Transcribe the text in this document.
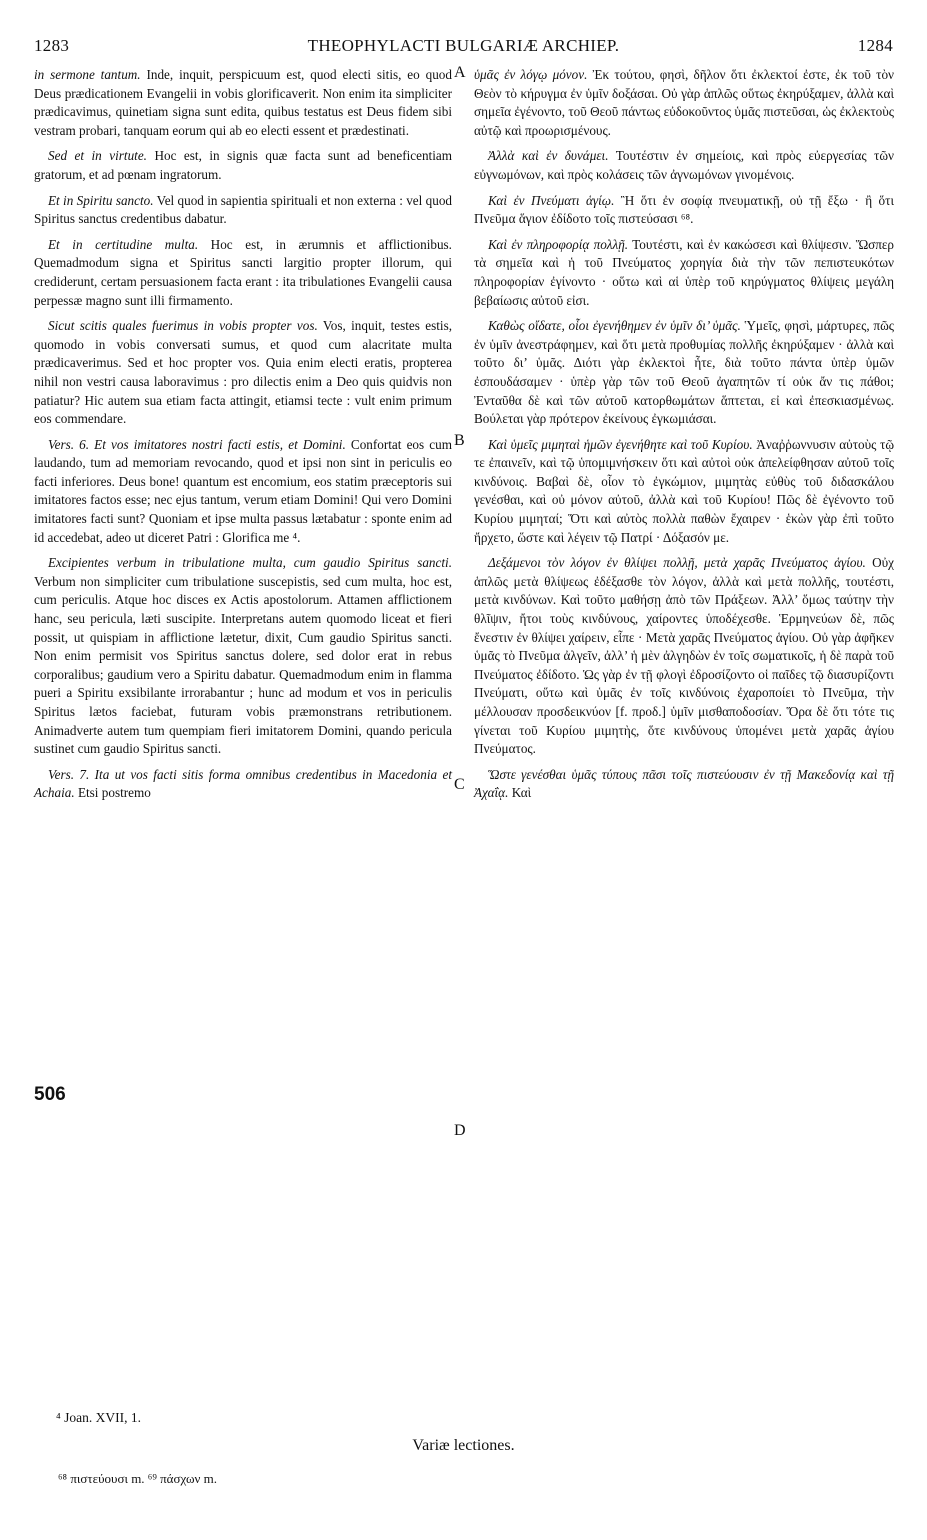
1283	THEOPHYLACTI BULGARIÆ ARCHIEP.	1284
A
B
C
D

in sermone tantum. Inde, inquit, perspicuum est, quod electi sitis, eo quod Deus prædicationem Evangelii in vobis glorificaverit. Non enim ita simpliciter prædicavimus, quinetiam signa sunt edita, quibus testatus est Deus fidem sibi vestram probari, tanquam eorum qui ab eo electi essent et prædestinati.

Sed et in virtute. Hoc est, in signis quæ facta sunt ad beneficentiam gratorum, et ad pœnam ingratorum.

Et in Spiritu sancto. Vel quod in sapientia spirituali et non externa : vel quod Spiritus sanctus credentibus dabatur.

Et in certitudine multa. Hoc est, in ærumnis et afflictionibus. Quemadmodum signa et Spiritus sancti largitio propter illorum, qui crediderunt, certam persuasionem facta erant : ita tribulationes Evangelii causa perpessæ magno sunt illi firmamento.

Sicut scitis quales fuerimus in vobis propter vos. Vos, inquit, testes estis, quomodo in vobis conversati sumus, et quod cum alacritate multa prædicaverimus. Sed et hoc propter vos. Quia enim electi eratis, propterea nihil non vestri causa laboravimus : pro dilectis enim a Deo quis quidvis non patiatur? Hic autem sua etiam facta attingit, etiamsi tecte : vult enim primum eos commendare.

Vers. 6. Et vos imitatores nostri facti estis, et Domini. Confortat eos cum laudando, tum ad memoriam revocando, quod et ipsi non sint in periculis eo facti inferiores. Deus bone! quantum est encomium, eos statim præceptoris sui imitatores factos esse; nec ejus tantum, verum etiam Domini! Qui vero Domini imitatores facti sunt? Quoniam et ipse multa passus lætabatur : sponte enim ad id accedebat, adeo ut diceret Patri : Glorifica me ⁴.

Excipientes verbum in tribulatione multa, cum gaudio Spiritus sancti. Verbum non simpliciter cum tribulatione suscepistis, sed cum multa, hoc est, cum periculis. Atque hoc disces ex Actis apostolorum. Attamen afflictionem hanc, seu pericula, læti suscipite. Interpretans autem quomodo liceat et fieri possit, ut quispiam in afflictione lætetur, dixit, Cum gaudio Spiritus sancti. Non enim permisit vos Spiritus sanctus dolere, sed dolor erat in rebus corporalibus; gaudium vero a Spiritu dabatur. Quemadmodum enim in flamma pueri a Spiritu exsibilante irrorabantur ; hunc ad modum et vos in periculis Spiritus lætos faciebat, futuram vobis præmonstrans retributionem. Animadverte autem tum quempiam fieri imitatorem Domini, quando pericula sustinet cum gaudio Spiritus sancti.

Vers. 7. Ita ut vos facti sitis forma omnibus credentibus in Macedonia et Achaia. Etsi postremo

506

ὑμᾶς ἐν λόγῳ μόνον. Ἐκ τούτου, φησὶ, δῆλον ὅτι ἐκλεκτοί ἐστε, ἐκ τοῦ τὸν Θεὸν τὸ κήρυγμα ἐν ὑμῖν δοξάσαι. Οὐ γὰρ ἁπλῶς οὕτως ἐκηρύξαμεν, ἀλλὰ καὶ σημεῖα ἐγένοντο, τοῦ Θεοῦ πάντως εὐδοκοῦντος ὑμᾶς πιστεῦσαι, ὡς ἐκλεκτοὺς αὐτῷ καὶ προωρισμένους.

Ἀλλὰ καὶ ἐν δυνάμει. Τουτέστιν ἐν σημείοις, καὶ πρὸς εὐεργεσίας τῶν εὐγνωμόνων, καὶ πρὸς κολάσεις τῶν ἀγνωμόνων γινομένοις.

Καὶ ἐν Πνεύματι ἁγίῳ. Ἢ ὅτι ἐν σοφίᾳ πνευματικῇ, οὐ τῇ ἔξω · ἢ ὅτι Πνεῦμα ἅγιον ἐδίδοτο τοῖς πιστεύσασι ⁶⁸.

Καὶ ἐν πληροφορίᾳ πολλῇ. Τουτέστι, καὶ ἐν κακώσεσι καὶ θλίψεσιν. Ὥσπερ τὰ σημεῖα καὶ ἡ τοῦ Πνεύματος χορηγία διὰ τὴν τῶν πεπιστευκότων πληροφορίαν ἐγίνοντο · οὕτω καὶ αἱ ὑπὲρ τοῦ κηρύγματος θλίψεις μεγάλη βεβαίωσις αὐτοῦ εἰσι.

Καθὼς οἴδατε, οἷοι ἐγενήθημεν ἐν ὑμῖν δι’ ὑμᾶς. Ὑμεῖς, φησὶ, μάρτυρες, πῶς ἐν ὑμῖν ἀνεστράφημεν, καὶ ὅτι μετὰ προθυμίας πολλῆς ἐκηρύξαμεν · ἀλλὰ καὶ τοῦτο δι’ ὑμᾶς. Διότι γὰρ ἐκλεκτοὶ ἦτε, διὰ τοῦτο πάντα ὑπὲρ ὑμῶν ἐσπουδάσαμεν · ὑπὲρ γὰρ τῶν τοῦ Θεοῦ ἀγαπητῶν τί οὐκ ἄν τις πάθοι; Ἐνταῦθα δὲ καὶ τῶν αὐτοῦ κατορθωμάτων ἅπτεται, εἰ καὶ ἐπεσκιασμένως. Βούλεται γὰρ πρότερον ἐκείνους ἐγκωμιάσαι.

Καὶ ὑμεῖς μιμηταὶ ἡμῶν ἐγενήθητε καὶ τοῦ Κυρίου. Ἀναῤῥωννυσιν αὐτοὺς τῷ τε ἐπαινεῖν, καὶ τῷ ὑπομιμνήσκειν ὅτι καὶ αὐτοὶ οὐκ ἀπελείφθησαν αὐτοῦ τοῖς κινδύνοις. Βαβαὶ δὲ, οἷον τὸ ἐγκώμιον, μιμητὰς εὐθὺς τοῦ διδασκάλου γενέσθαι, καὶ οὐ μόνον αὐτοῦ, ἀλλὰ καὶ τοῦ Κυρίου! Πῶς δὲ ἐγένοντο τοῦ Κυρίου μιμηταί; Ὅτι καὶ αὐτὸς πολλὰ παθὼν ἔχαιρεν · ἑκὼν γὰρ ἐπὶ τοῦτο ἤρχετο, ὥστε καὶ λέγειν τῷ Πατρί · Δόξασόν με.

Δεξάμενοι τὸν λόγον ἐν θλίψει πολλῇ, μετὰ χαρᾶς Πνεύματος ἁγίου. Οὐχ ἁπλῶς μετὰ θλίψεως ἐδέξασθε τὸν λόγον, ἀλλὰ καὶ μετὰ πολλῆς, τουτέστι, μετὰ κινδύνων. Καὶ τοῦτο μαθήσῃ ἀπὸ τῶν Πράξεων. Ἀλλ’ ὅμως ταύτην τὴν θλῖψιν, ἤτοι τοὺς κινδύνους, χαίροντες ὑποδέχεσθε. Ἑρμηνεύων δὲ, πῶς ἔνεστιν ἐν θλίψει χαίρειν, εἶπε · Μετὰ χαρᾶς Πνεύματος ἁγίου. Οὐ γὰρ ἀφῆκεν ὑμᾶς τὸ Πνεῦμα ἀλγεῖν, ἀλλ’ ἡ μὲν ἀλγηδὼν ἐν τοῖς σωματικοῖς, ἡ δὲ παρὰ τοῦ Πνεύματος ἐδίδοτο. Ὡς γὰρ ἐν τῇ φλογὶ ἐδροσίζοντο οἱ παῖδες τῷ διασυρίζοντι Πνεύματι, οὕτω καὶ ὑμᾶς ἐν τοῖς κινδύνοις ἐχαροποίει τὸ Πνεῦμα, τὴν μέλλουσαν προσδεικνύον [f. προδ.] ὑμῖν μισθαποδοσίαν. Ὅρα δὲ ὅτι τότε τις γίνεται τοῦ Κυρίου μιμητὴς, ὅτε κινδύνους ὑπομένει μετὰ χαρᾶς ἁγίου Πνεύματος.

Ὥστε γενέσθαι ὑμᾶς τύπους πᾶσι τοῖς πιστεύουσιν ἐν τῇ Μακεδονίᾳ καὶ τῇ Ἀχαΐᾳ. Καὶ

⁴ Joan. XVII, 1.
Variæ lectiones.
⁶⁸ πιστεύουσι m. ⁶⁹ πάσχων m.
